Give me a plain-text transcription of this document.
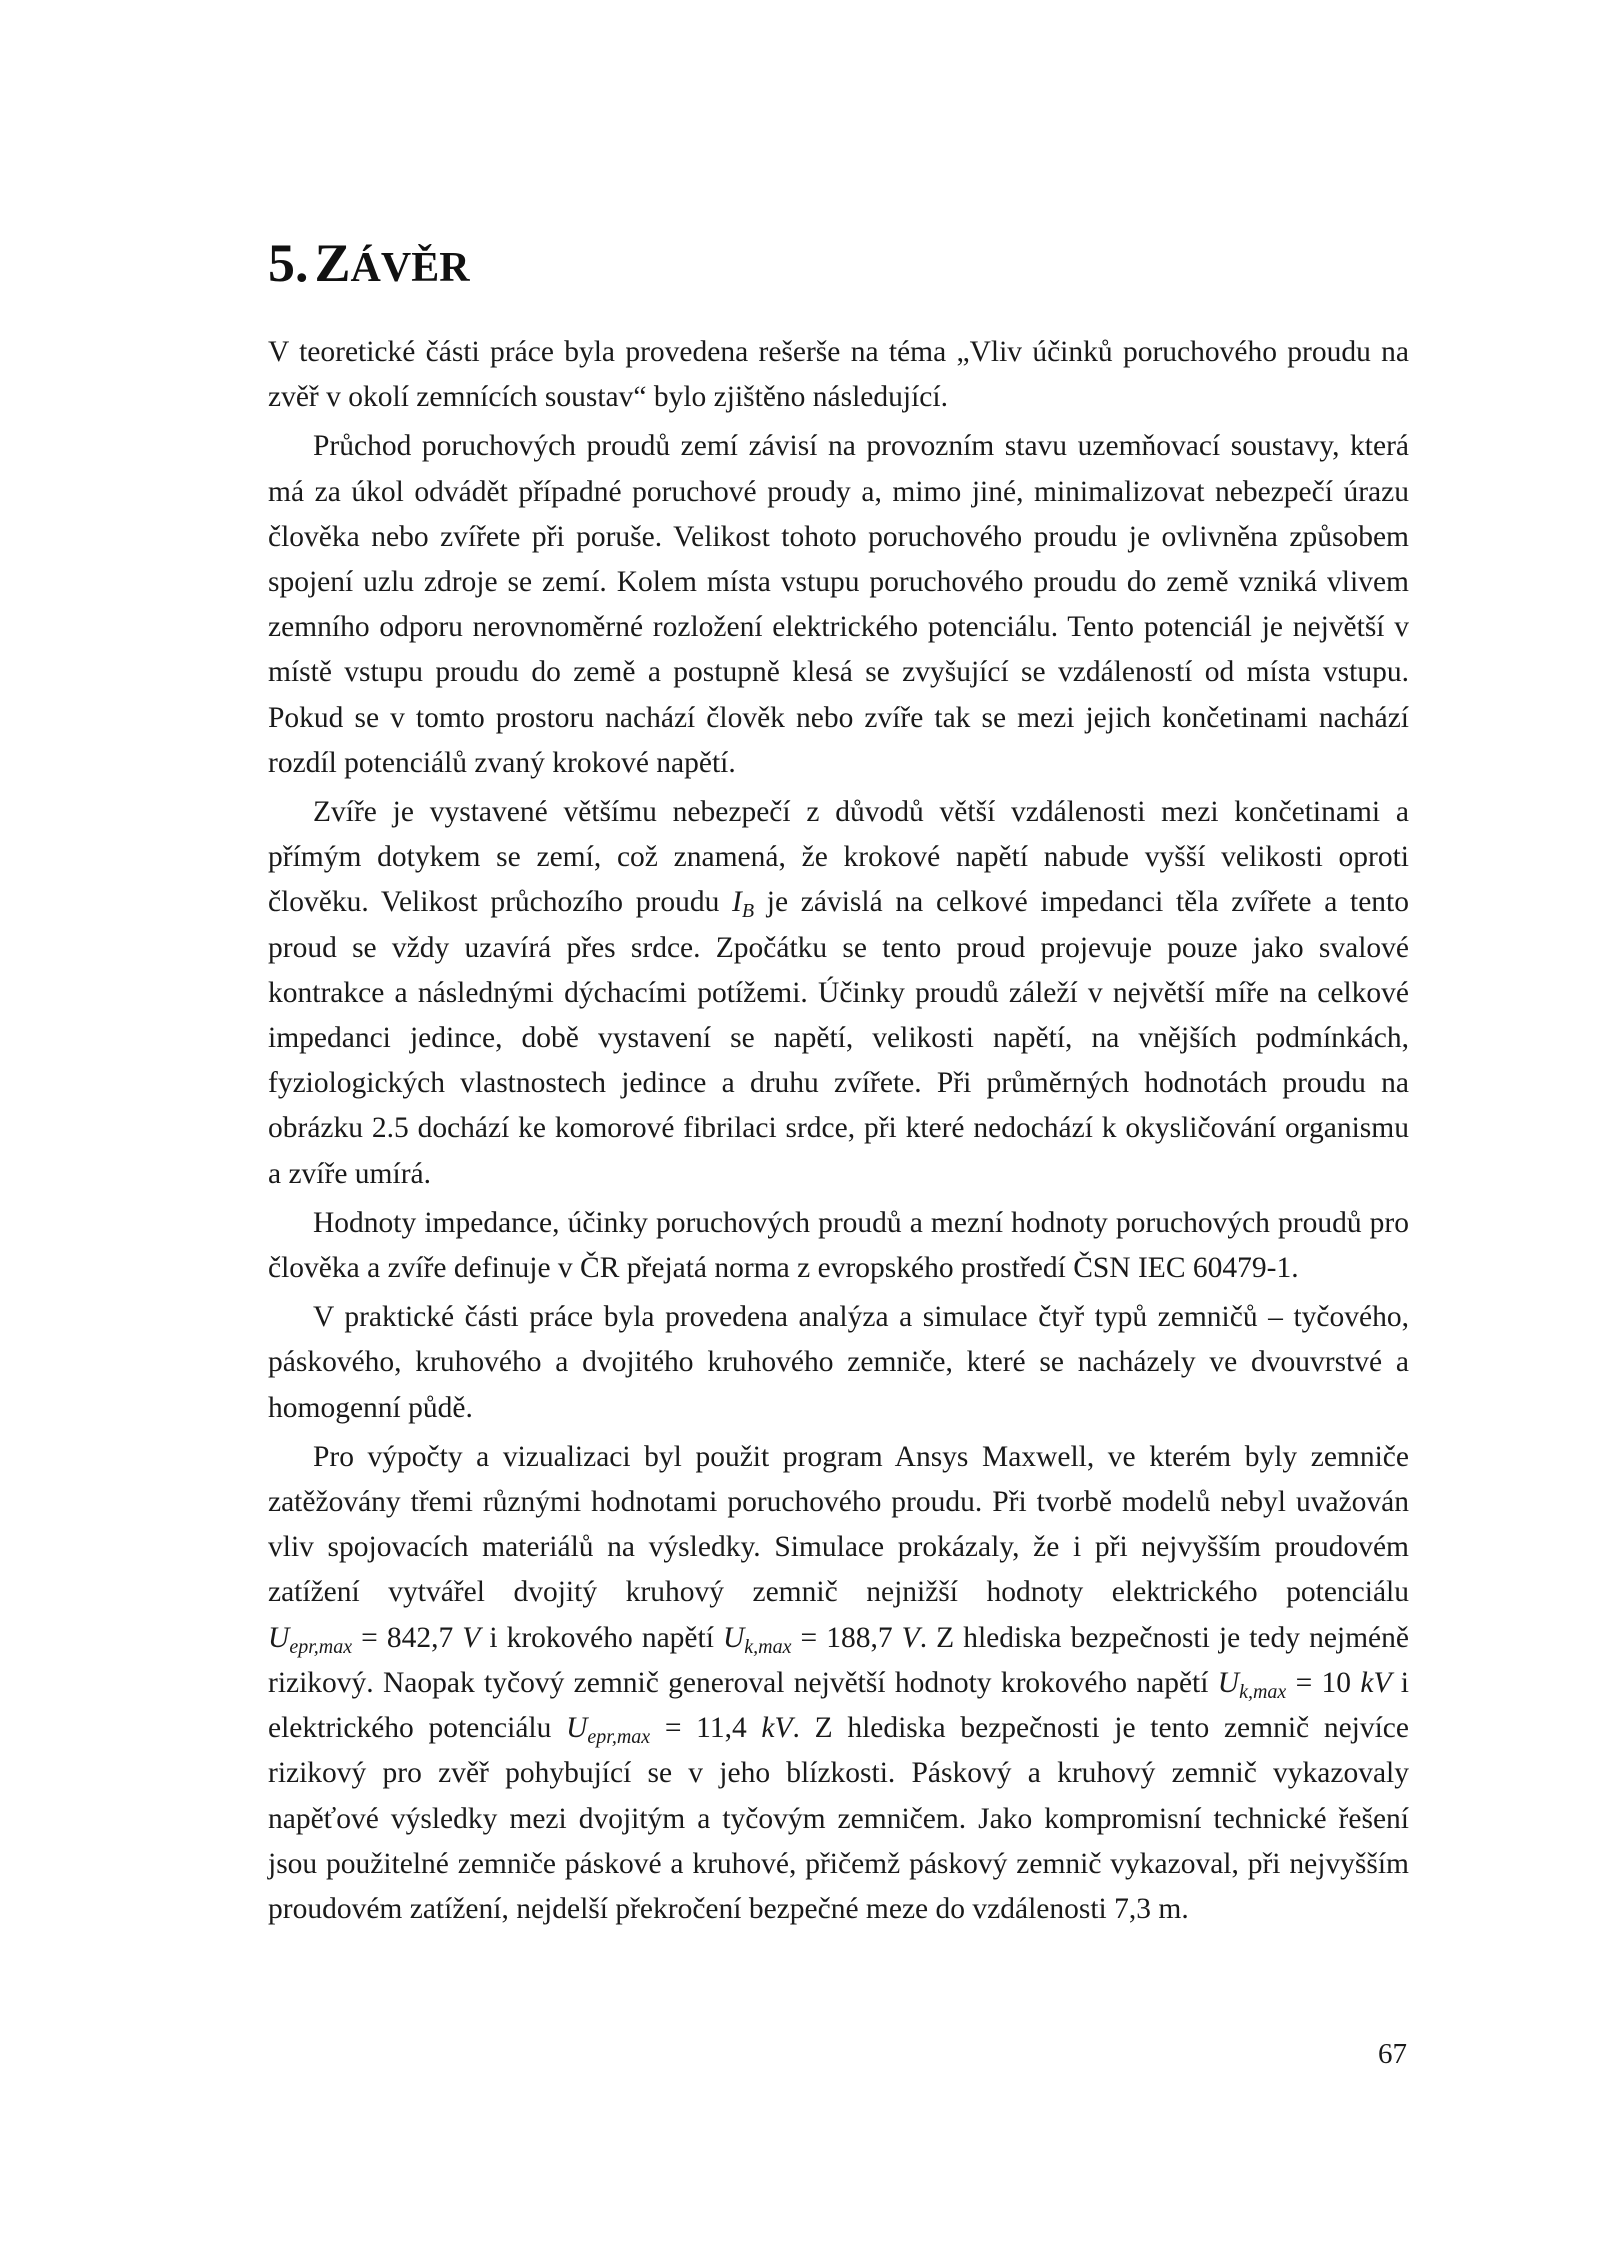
5. ZÁVĚR

V teoretické části práce byla provedena rešerše na téma „Vliv účinků poruchového proudu na zvěř v okolí zemnících soustav“ bylo zjištěno následující.

Průchod poruchových proudů zemí závisí na provozním stavu uzemňovací soustavy, která má za úkol odvádět případné poruchové proudy a, mimo jiné, minimalizovat nebezpečí úrazu člověka nebo zvířete při poruše. Velikost tohoto poruchového proudu je ovlivněna způsobem spojení uzlu zdroje se zemí. Kolem místa vstupu poruchového proudu do země vzniká vlivem zemního odporu nerovnoměrné rozložení elektrického potenciálu. Tento potenciál je největší v místě vstupu proudu do země a postupně klesá se zvyšující se vzdáleností od místa vstupu. Pokud se v tomto prostoru nachází člověk nebo zvíře tak se mezi jejich končetinami nachází rozdíl potenciálů zvaný krokové napětí.

Zvíře je vystavené většímu nebezpečí z důvodů větší vzdálenosti mezi končetinami a přímým dotykem se zemí, což znamená, že krokové napětí nabude vyšší velikosti oproti člověku. Velikost průchozího proudu $I_B$ je závislá na celkové impedanci těla zvířete a tento proud se vždy uzavírá přes srdce. Zpočátku se tento proud projevuje pouze jako svalové kontrakce a následnými dýchacími potížemi. Účinky proudů záleží v největší míře na celkové impedanci jedince, době vystavení se napětí, velikosti napětí, na vnějších podmínkách, fyziologických vlastnostech jedince a druhu zvířete. Při průměrných hodnotách proudu na obrázku 2.5 dochází ke komorové fibrilaci srdce, při které nedochází k okysličování organismu a zvíře umírá.

Hodnoty impedance, účinky poruchových proudů a mezní hodnoty poruchových proudů pro člověka a zvíře definuje v ČR přejatá norma z evropského prostředí ČSN IEC 60479-1.

V praktické části práce byla provedena analýza a simulace čtyř typů zemničů – tyčového, páskového, kruhového a dvojitého kruhového zemniče, které se nacházely ve dvouvrstvé a homogenní půdě.

Pro výpočty a vizualizaci byl použit program Ansys Maxwell, ve kterém byly zemniče zatěžovány třemi různými hodnotami poruchového proudu. Při tvorbě modelů nebyl uvažován vliv spojovacích materiálů na výsledky. Simulace prokázaly, že i při nejvyšším proudovém zatížení vytvářel dvojitý kruhový zemnič nejnižší hodnoty elektrického potenciálu $U_{epr,max} = 842,7$ V i krokového napětí $U_{k,max} = 188,7$ V. Z hlediska bezpečnosti je tedy nejméně rizikový. Naopak tyčový zemnič generoval největší hodnoty krokového napětí $U_{k,max} = 10$ kV i elektrického potenciálu $U_{epr,max} = 11,4$ kV. Z hlediska bezpečnosti je tento zemnič nejvíce rizikový pro zvěř pohybující se v jeho blízkosti. Páskový a kruhový zemnič vykazovaly napěťové výsledky mezi dvojitým a tyčovým zemničem. Jako kompromisní technické řešení jsou použitelné zemniče páskové a kruhové, přičemž páskový zemnič vykazoval, při nejvyšším proudovém zatížení, nejdelší překročení bezpečné meze do vzdálenosti 7,3 m.

67
